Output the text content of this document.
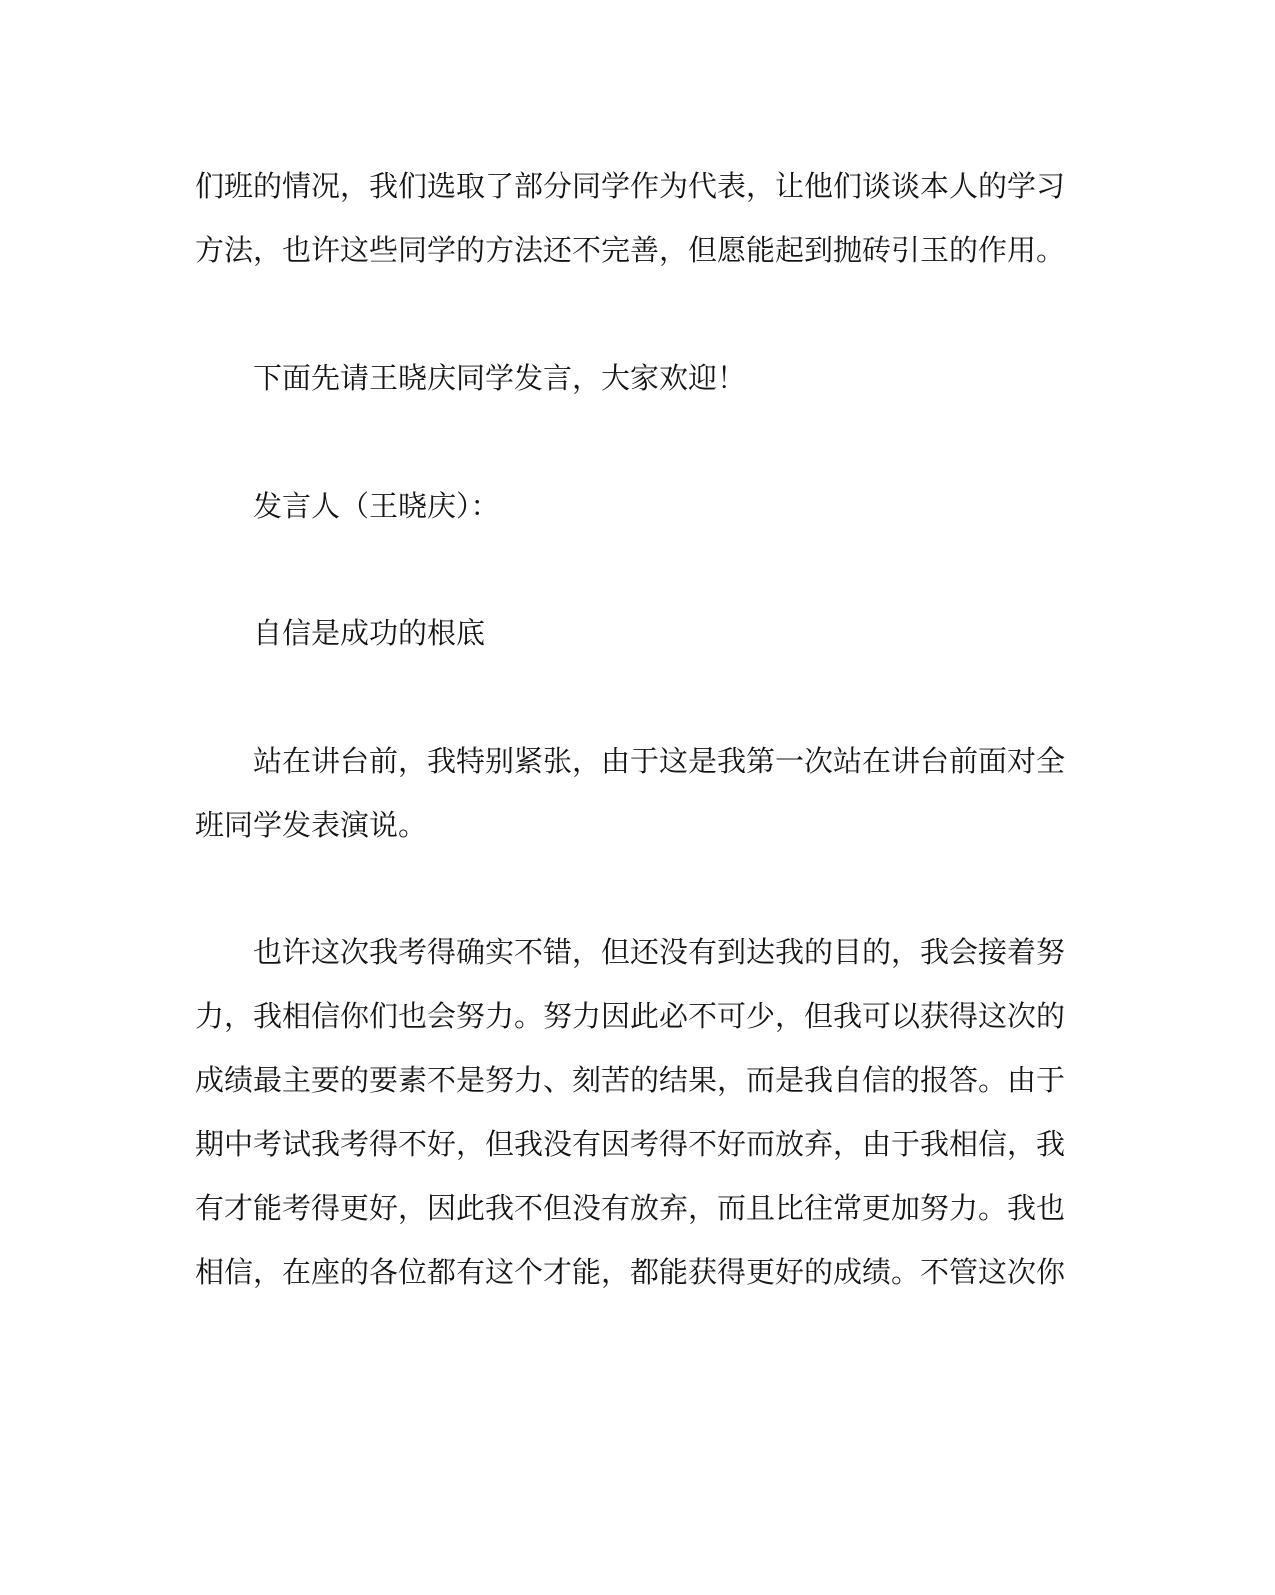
们班的情况，我们选取了部分同学作为代表，让他们谈谈本人的学习
方法，也许这些同学的方法还不完善，但愿能起到抛砖引玉的作用。
下面先请王晓庆同学发言，大家欢迎！
发言人（王晓庆）：
自信是成功的根底
站在讲台前，我特别紧张，由于这是我第一次站在讲台前面对全
班同学发表演说。
也许这次我考得确实不错，但还没有到达我的目的，我会接着努
力，我相信你们也会努力。努力因此必不可少，但我可以获得这次的
成绩最主要的要素不是努力、刻苦的结果，而是我自信的报答。由于
期中考试我考得不好，但我没有因考得不好而放弃，由于我相信，我
有才能考得更好，因此我不但没有放弃，而且比往常更加努力。我也
相信，在座的各位都有这个才能，都能获得更好的成绩。不管这次你
